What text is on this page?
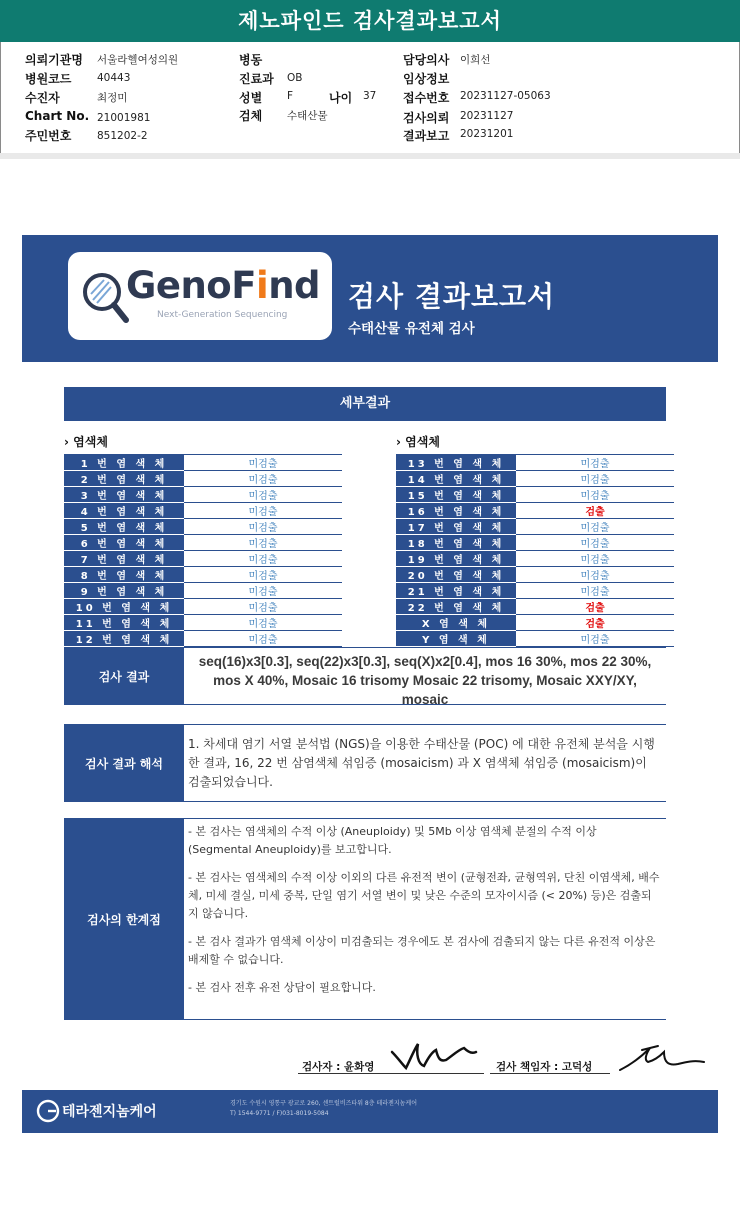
제노파인드 검사결과보고서
의뢰기관명 서울라헬여성의원
병원코드 40443
수진자	최정미
Chart No. 21001981
주민번호 851202-2
병동
진료과 OB
성별 F	나이 37
검체 수태산물
담당의사 이희선
임상정보
접수번호 20231127-05063
검사의뢰 20231127
결과보고 20231201
GenoFind
Next-Generation Sequencing
검사 결과보고서
수태산물 유전체 검사
세부결과
› 염색체	› 염색체
1 번 염 색 체	미검출
2 번 염 색 체	미검출
3 번 염 색 체	미검출
4 번 염 색 체	미검출
5 번 염 색 체	미검출
6 번 염 색 체	미검출
7 번 염 색 체	미검출
8 번 염 색 체	미검출
9 번 염 색 체	미검출
10 번 염 색 체	미검출
11 번 염 색 체	미검출
12 번 염 색 체	미검출
13 번 염 색 체	미검출
14 번 염 색 체	미검출
15 번 염 색 체	미검출
16 번 염 색 체	검출
17 번 염 색 체	미검출
18 번 염 색 체	미검출
19 번 염 색 체	미검출
20 번 염 색 체	미검출
21 번 염 색 체	미검출
22 번 염 색 체	검출
X 염 색 체	검출
Y 염 색 체	미검출
검사 결과
seq(16)x3[0.3], seq(22)x3[0.3], seq(X)x2[0.4], mos 16 30%, mos 22 30%, mos X 40%, Mosaic 16 trisomy Mosaic 22 trisomy, Mosaic XXY/XY, mosaic
검사 결과 해석
1. 차세대 염기 서열 분석법 (NGS)을 이용한 수태산물 (POC) 에 대한 유전체 분석을 시행한 결과, 16, 22 번 삼염색체 섞임증 (mosaicism) 과 X 염색체 섞임증 (mosaicism)이 검출되었습니다.
검사의 한계점

- 본 검사는 염색체의 수적 이상 (Aneuploidy) 및 5Mb 이상 염색체 분절의 수적 이상 (Segmental Aneuploidy)를 보고합니다.

- 본 검사는 염색체의 수적 이상 이외의 다른 유전적 변이 (균형전좌, 균형역위, 단친 이염색체, 배수체, 미세 결실, 미세 중복, 단일 염기 서열 변이 및 낮은 수준의 모자이시즘 (< 20%) 등)은 검출되지 않습니다.

- 본 검사 결과가 염색체 이상이 미검출되는 경우에도 본 검사에 검출되지 않는 다른 유전적 이상은 배제할 수 없습니다.

- 본 검사 전후 유전 상담이 필요합니다.

검사자 : 윤화영	검사 책임자 : 고덕성
테라젠지놈케어
경기도 수원시 영통구 광교로 260, 센트럴비즈타워 8층 테라젠지놈케어
T) 1544-9771 / F)031-8019-5084
